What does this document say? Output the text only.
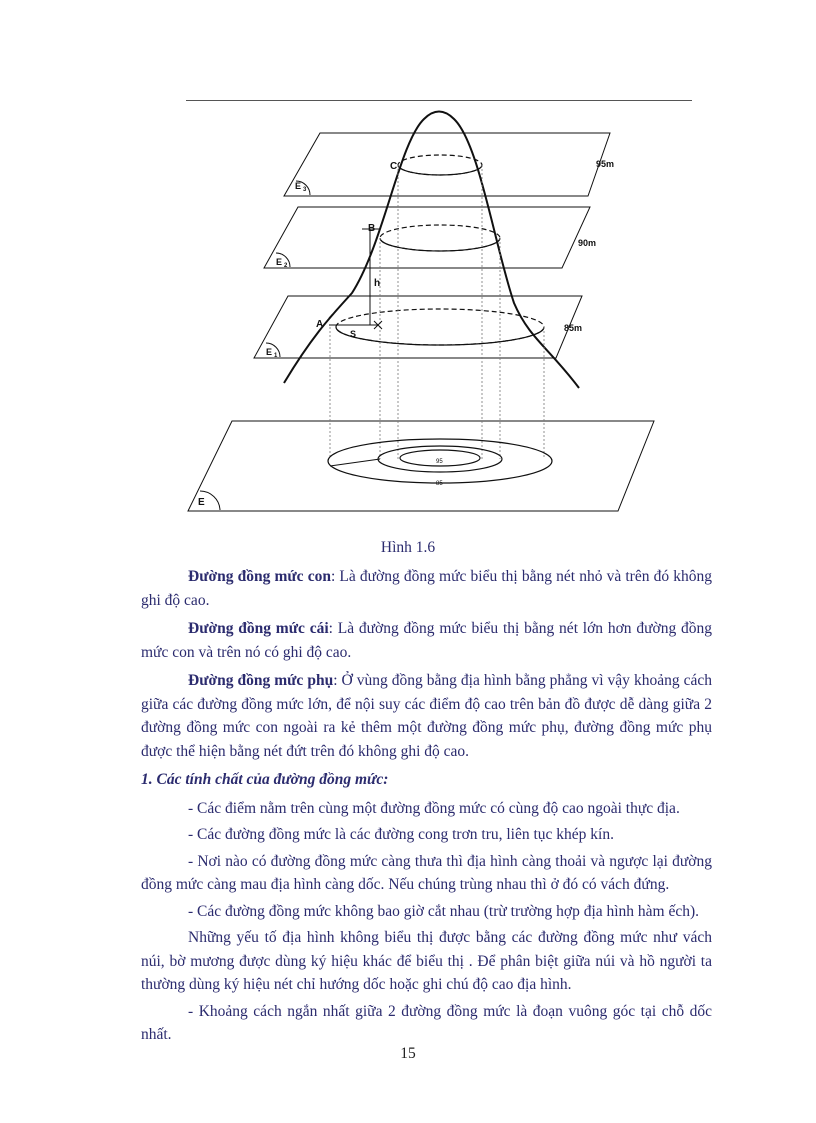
C
B
A
h
S
E 3
E 2
E 1
E
95m
90m
85m
95
85
Hình 1.6

Đường đồng mức con: Là đường đồng mức biểu thị bằng nét nhỏ và trên đó không ghi độ cao.

Đường đồng mức cái: Là đường đồng mức biểu thị bằng nét lớn hơn đường đồng mức con và trên nó có ghi độ cao.

Đường đồng mức phụ: Ở vùng đồng bằng địa hình bằng phẳng vì vậy khoảng cách giữa các đường đồng mức lớn, để nội suy các điểm độ cao trên bản đồ được dễ dàng giữa 2 đường đồng mức con ngoài ra kẻ thêm một đường đồng mức phụ, đường đồng mức phụ được thể hiện bằng nét đứt trên đó không ghi độ cao.

1. Các tính chất của đường đồng mức:

- Các điểm nằm trên cùng một đường đồng mức có cùng độ cao ngoài thực địa.

- Các đường đồng mức là các đường cong trơn tru, liên tục khép kín.

- Nơi nào có đường đồng mức càng thưa thì địa hình càng thoải và ngược lại đường đồng mức càng mau địa hình càng dốc. Nếu chúng trùng nhau thì ở đó có vách đứng.

- Các đường đồng mức không bao giờ cắt nhau (trừ trường hợp địa hình hàm ếch).

Những yếu tố địa hình không biểu thị được bằng các đường đồng mức như vách núi, bờ mương được dùng ký hiệu khác để biểu thị . Để phân biệt giữa núi và hồ người ta thường dùng ký hiệu nét chỉ hướng dốc hoặc ghi chú độ cao địa hình.

- Khoảng cách ngắn nhất giữa 2 đường đồng mức là đoạn vuông góc tại chỗ dốc nhất.

15
